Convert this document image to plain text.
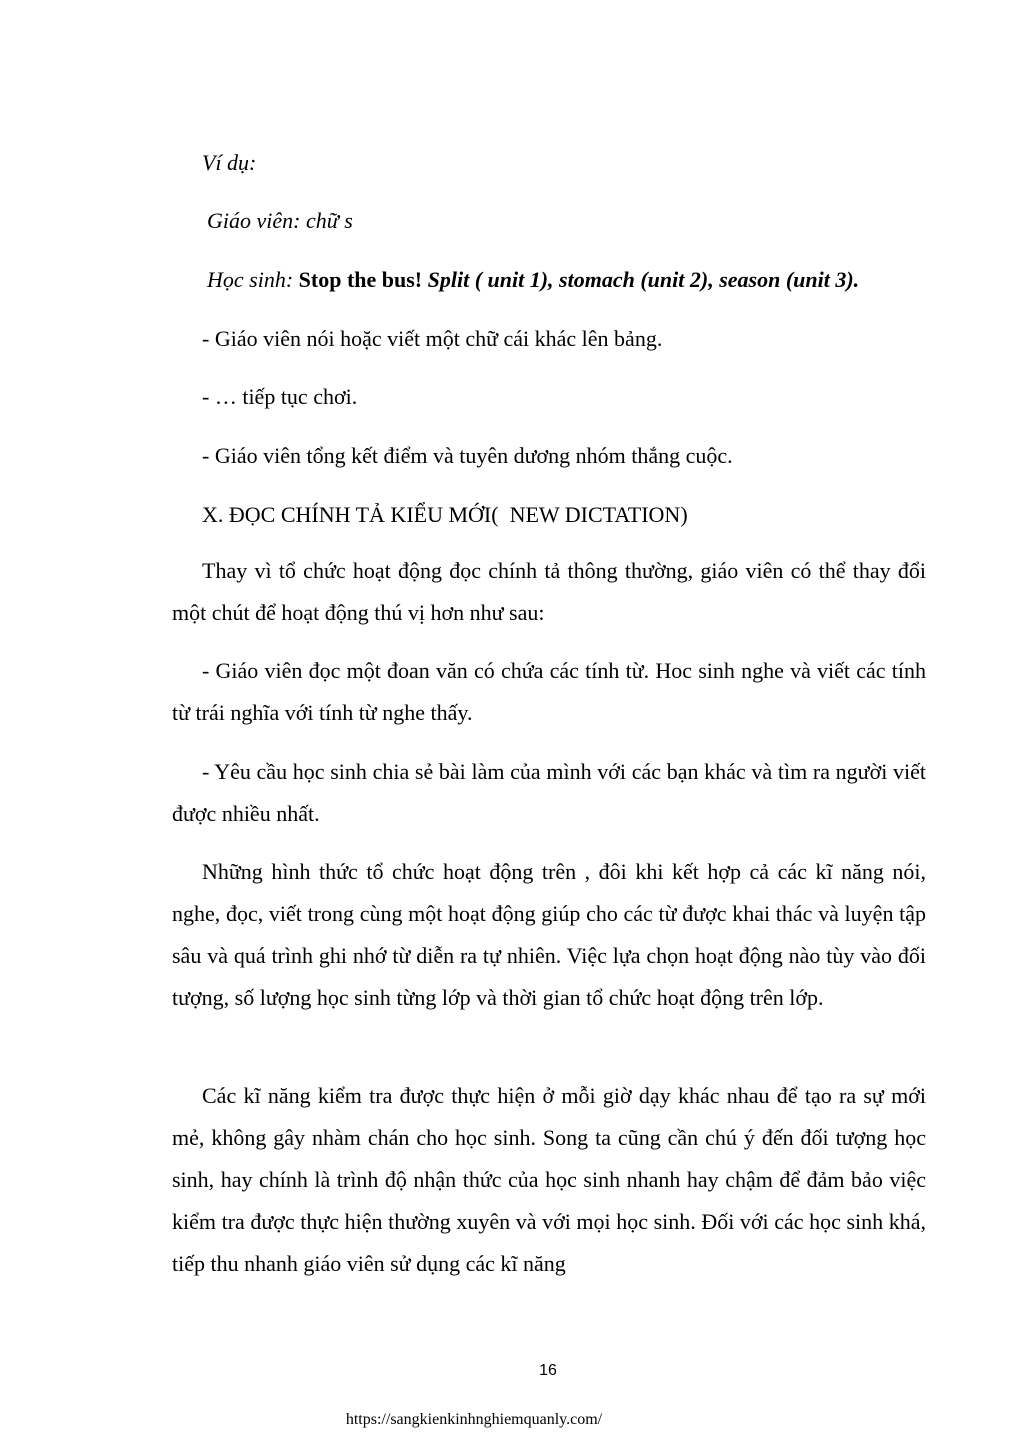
Ví dụ:
Giáo viên: chữ s
Học sinh: Stop the bus! Split ( unit 1), stomach (unit 2), season (unit 3).
- Giáo viên nói hoặc viết một chữ cái khác lên bảng.
- … tiếp tục chơi.
- Giáo viên tổng kết điểm và tuyên dương nhóm thắng cuộc.
X. ĐỌC CHÍNH TẢ KIỂU MỚI(  NEW DICTATION)
Thay vì tổ chức hoạt động đọc chính tả thông thường, giáo viên có thể thay đổi một chút để hoạt động thú vị hơn như sau:
- Giáo viên đọc một đoan văn có chứa các tính từ. Hoc sinh nghe và viết các tính từ trái nghĩa với tính từ nghe thấy.
- Yêu cầu học sinh chia sẻ bài làm của mình với các bạn khác và tìm ra người viết được nhiều nhất.
Những hình thức tổ chức hoạt động trên , đôi khi kết hợp cả các kĩ năng nói, nghe, đọc, viết trong cùng một hoạt động giúp cho các từ được khai thác và luyện tập sâu và quá trình ghi nhớ từ diễn ra tự nhiên. Việc lựa chọn hoạt động nào tùy vào đối tượng, số lượng học sinh từng lớp và thời gian tổ chức hoạt động trên lớp.
Các kĩ năng kiểm tra được thực hiện ở mỗi giờ dạy khác nhau để tạo ra sự mới mẻ, không gây nhàm chán cho học sinh. Song ta cũng cần chú ý đến đối tượng học sinh, hay chính là trình độ nhận thức của học sinh nhanh hay chậm để đảm bảo việc kiểm tra được thực hiện thường xuyên và với mọi học sinh. Đối với các học sinh khá, tiếp thu nhanh giáo viên sử dụng các kĩ năng
16
https://sangkienkinhnghiemquanly.com/
